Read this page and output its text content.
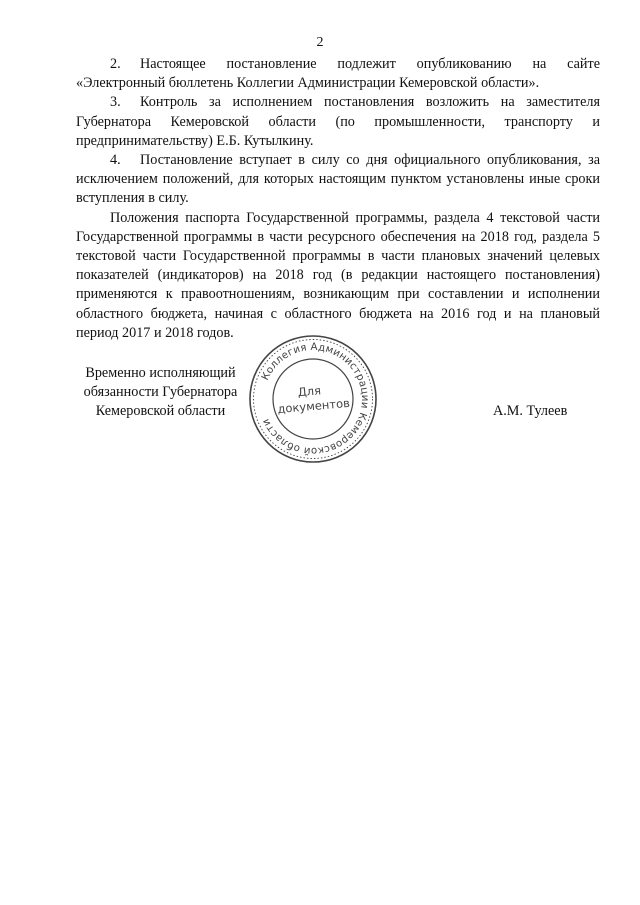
2

2. Настоящее постановление подлежит опубликованию на сайте «Электронный бюллетень Коллегии Администрации Кемеровской области».

3. Контроль за исполнением постановления возложить на заместителя Губернатора Кемеровской области (по промышленности, транспорту и предпринимательству) Е.Б. Кутылкину.

4. Постановление вступает в силу со дня официального опубликования, за исключением положений, для которых настоящим пунктом установлены иные сроки вступления в силу.

Положения паспорта Государственной программы, раздела 4 текстовой части Государственной программы в части ресурсного обеспечения на 2018 год, раздела 5 текстовой части Государственной программы в части плановых значений целевых показателей (индикаторов) на 2018 год (в редакции настоящего постановления) применяются к правоотношениям, возникающим при составлении и исполнении областного бюджета, начиная с областного бюджета на 2016 год и на плановый период 2017 и 2018 годов.

Временно исполняющий
обязанности Губернатора
Кемеровской области
Коллегия Администрации Кемеровской области
Для
документов	А.М. Тулеев
